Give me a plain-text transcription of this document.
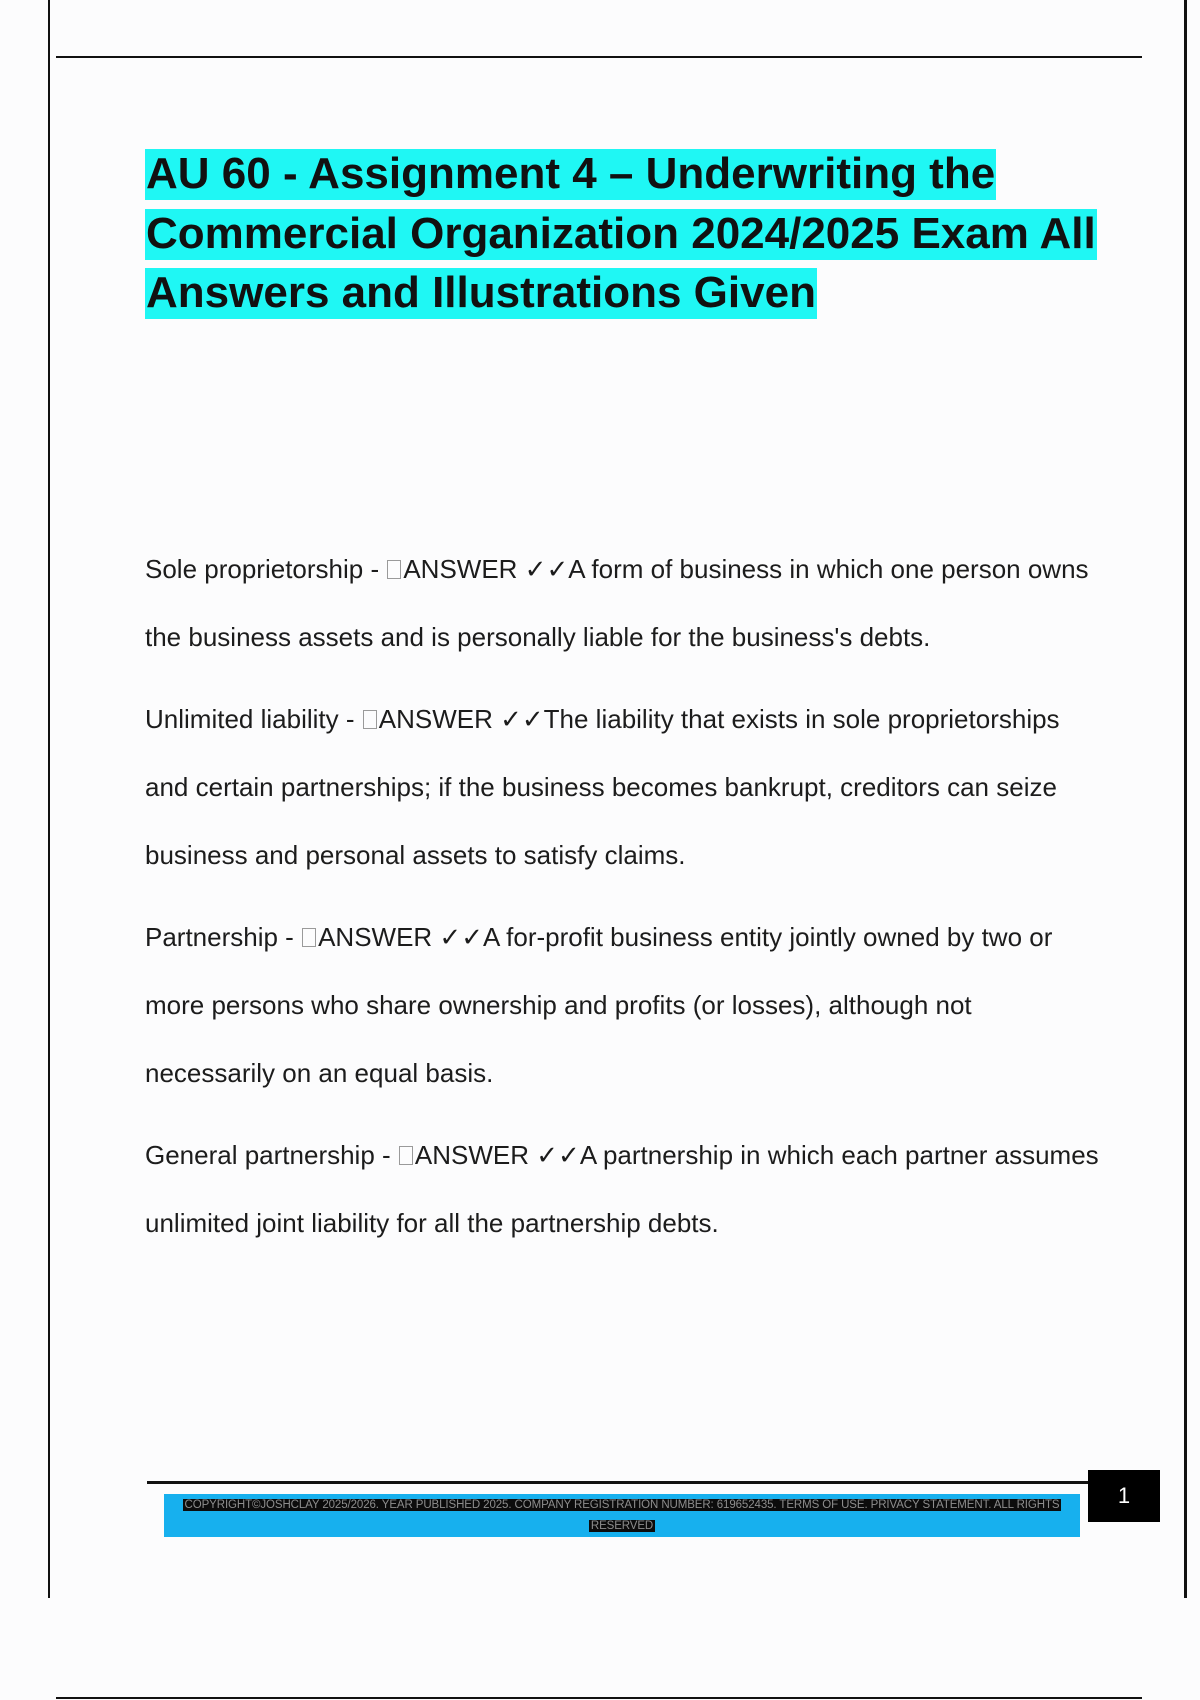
AU 60 - Assignment 4 – Underwriting the Commercial Organization 2024/2025 Exam All Answers and Illustrations Given

Sole proprietorship - ANSWER ✓✓A form of business in which one person owns the business assets and is personally liable for the business's debts.

Unlimited liability - ANSWER ✓✓The liability that exists in sole proprietorships and certain partnerships; if the business becomes bankrupt, creditors can seize business and personal assets to satisfy claims.

Partnership - ANSWER ✓✓A for-profit business entity jointly owned by two or more persons who share ownership and profits (or losses), although not necessarily on an equal basis.

General partnership - ANSWER ✓✓A partnership in which each partner assumes unlimited joint liability for all the partnership debts.

1
COPYRIGHT©JOSHCLAY 2025/2026. YEAR PUBLISHED 2025. COMPANY REGISTRATION NUMBER: 619652435. TERMS OF USE. PRIVACY STATEMENT. ALL RIGHTS RESERVED
